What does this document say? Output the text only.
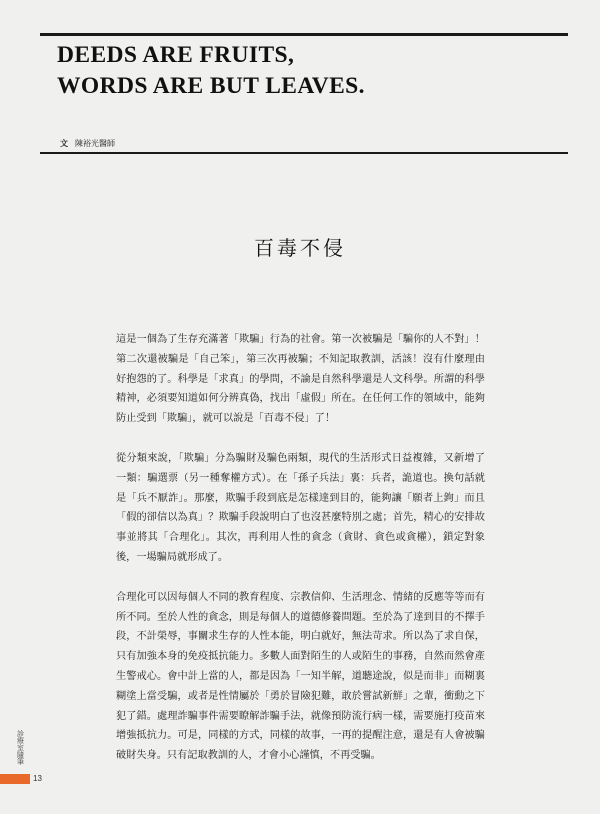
DEEDS ARE FRUITS,
WORDS ARE BUT LEAVES.
文 陳裕光醫師
百毒不侵

這是一個為了生存充滿著「欺騙」行為的社會。第一次被騙是「騙你的人不對」！第二次還被騙是「自己笨」，第三次再被騙；不知記取教訓，活該！沒有什麼理由好抱怨的了。科學是「求真」的學問，不論是自然科學還是人文科學。所謂的科學精神，必須要知道如何分辨真偽，找出「虛假」所在。在任何工作的領域中，能夠防止受到「欺騙」，就可以說是「百毒不侵」了！

從分類來說，「欺騙」分為騙財及騙色兩類，現代的生活形式日益複雜，又新增了一類：騙選票（另一種奪權方式）。在「孫子兵法」裏：兵者，詭道也。換句話就是「兵不厭詐」。那麼，欺騙手段到底是怎樣達到目的，能夠讓「願者上鉤」而且「假的卻信以為真」？欺騙手段說明白了也沒甚麼特別之處；首先，精心的安排故事並將其「合理化」。其次，再利用人性的貪念（貪財、貪色或貪權），鎖定對象後，一場騙局就形成了。

合理化可以因每個人不同的教育程度、宗教信仰、生活理念、情緒的反應等等而有所不同。至於人性的貪念，則是每個人的道德修養問題。至於為了達到目的不擇手段，不計榮辱，事關求生存的人性本能，明白就好，無法苛求。所以為了求自保，只有加強本身的免疫抵抗能力。多數人面對陌生的人或陌生的事務，自然而然會產生警戒心。會中計上當的人，都是因為「一知半解，道聽途說，似是而非」而糊裏糊塗上當受騙，或者是性情屬於「勇於冒險犯難，敢於嘗試新鮮」之輩，衝動之下犯了錯。處理詐騙事件需要瞭解詐騙手法，就像預防流行病一樣，需要施打疫苗來增強抵抗力。可是，同樣的方式，同樣的故事，一再的提醒注意，還是有人會被騙破財失身。只有記取教訓的人，才會小心謹慎，不再受騙。

診療室隨筆
13
